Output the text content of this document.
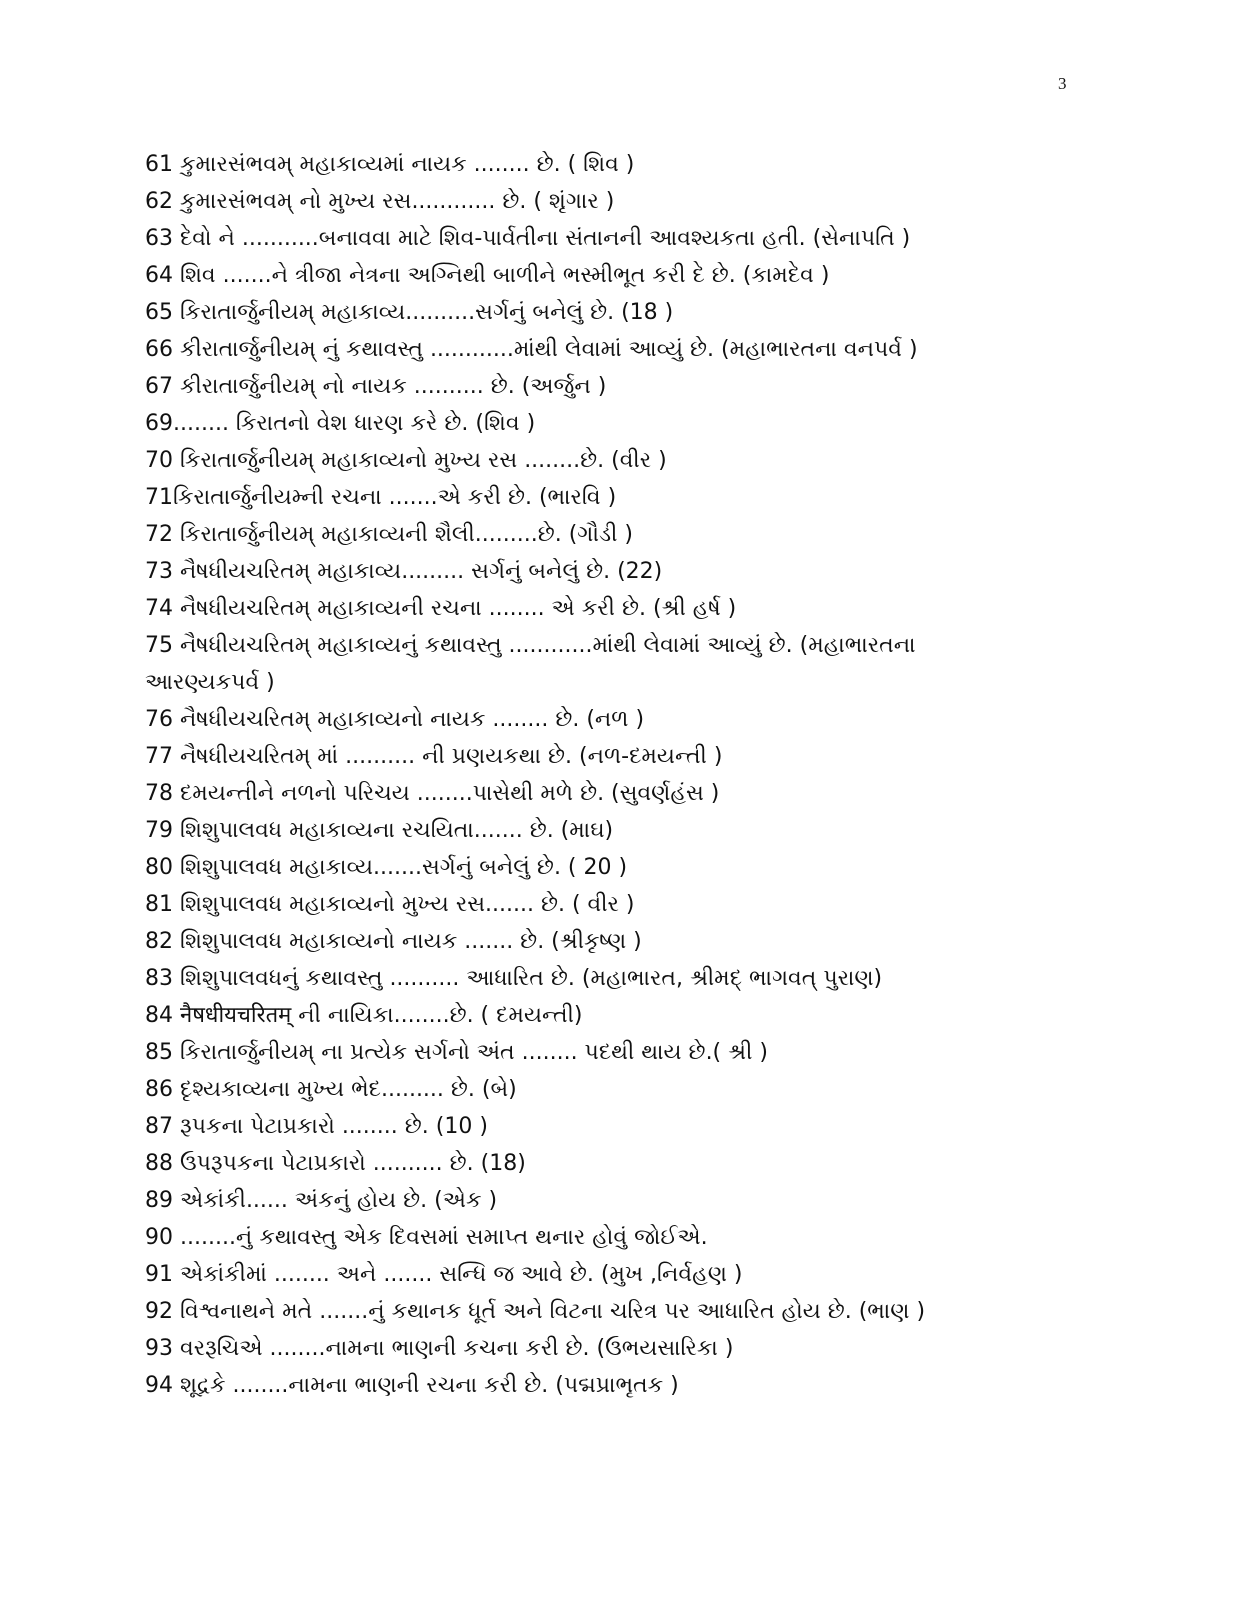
3
61 કુમારસંભવમ્ મહાકાવ્યમાં નાયક ........ છે. ( શિવ )
62 કુમારસંભવમ્ નો મુખ્ય રસ............ છે. ( શૃંગાર )
63 દેવો ને ...........બનાવવા માટે શિવ-પાર્વતીના સંતાનની આવશ્યકતા હતી. (સેનાપતિ )
64 શિવ .......ને ત્રીજા નેત્રના અગ્નિથી બાળીને ભસ્મીભૂત કરી દે છે. (કામદેવ )
65 કિરાતાર્જુનીયમ્ મહાકાવ્ય..........સર્ગનું બનેલું છે. (18 )
66 કીરાતાર્જુનીયમ્ નું કથાવસ્તુ ............માંથી લેવામાં આવ્યું છે. (મહાભારતના વનપર્વ )
67 કીરાતાર્જુનીયમ્ નો નાયક .......... છે. (અર્જુન )
69........ કિરાતનો વેશ ધારણ કરે છે. (શિવ )
70 કિરાતાર્જુનીયમ્ મહાકાવ્યનો મુખ્ય રસ ........છે. (વીર )
71કિરાતાર્જુનીયમ્ની રચના .......એ કરી છે. (ભારવિ )
72 કિરાતાર્જુનીયમ્ મહાકાવ્યની શૈલી.........છે. (ગૌડી )
73 નૈષધીયચરિતમ્ મહાકાવ્ય......... સર્ગનું બનેલું છે. (22)
74 નૈષધીયચરિતમ્ મહાકાવ્યની રચના ........ એ કરી છે. (શ્રી હર્ષ )
75 નૈષધીયચરિતમ્ મહાકાવ્યનું કથાવસ્તુ ............માંથી લેવામાં આવ્યું છે. (મહાભારતના
આરણ્યકપર્વ )
76 નૈષધીયચરિતમ્ મહાકાવ્યનો નાયક ........ છે. (નળ )
77 નૈષધીયચરિતમ્ માં .......... ની પ્રણયકથા છે. (નળ-દમયન્તી )
78 દમયન્તીને નળનો પરિચય ........પાસેથી મળે છે. (સુવર્ણહંસ )
79 શિશુપાલવધ મહાકાવ્યના રચયિતા....... છે. (માઘ)
80 શિશુપાલવધ મહાકાવ્ય.......સર્ગનું બનેલું છે. ( 20 )
81 શિશુપાલવધ મહાકાવ્યનો મુખ્ય રસ....... છે. ( વીર )
82 શિશુપાલવધ મહાકાવ્યનો નાયક ....... છે. (શ્રીકૃષ્ણ )
83 શિશુપાલવધનું કથાવસ્તુ .......... આધારિત છે. (મહાભારત, શ્રીમદ્ ભાગવત્ પુરાણ)
84 नैषधीयचरितम् ની નાયિકા........છે. ( દમયન્તી)
85 કિરાતાર્જુનીયમ્ ના પ્રત્યેક સર્ગનો અંત ........ પદથી થાય છે.( શ્રી )
86 દૃશ્યકાવ્યના મુખ્ય ભેદ......... છે. (બે)
87 રૂપકના પેટાપ્રકારો ........ છે. (10 )
88 ઉપરૂપકના પેટાપ્રકારો .......... છે. (18)
89 એકાંકી...... અંકનું હોય છે. (એક )
90 ........નું કથાવસ્તુ એક દિવસમાં સમાપ્ત થનાર હોવું જોઈએ.
91 એકાંકીમાં ........ અને ....... સન્ધિ જ આવે છે. (મુખ ,નિર્વહણ )
92 વિશ્વનાથને મતે .......નું કથાનક ધૂર્ત અને વિટના ચરિત્ર પર આધારિત હોય છે. (ભાણ )
93 વરરૂચિએ ........નામના ભાણની કચના કરી છે. (ઉભયસારિકા )
94 શૂદ્રકે ........નામના ભાણની રચના કરી છે. (પદ્મપ્રાભૃતક )
